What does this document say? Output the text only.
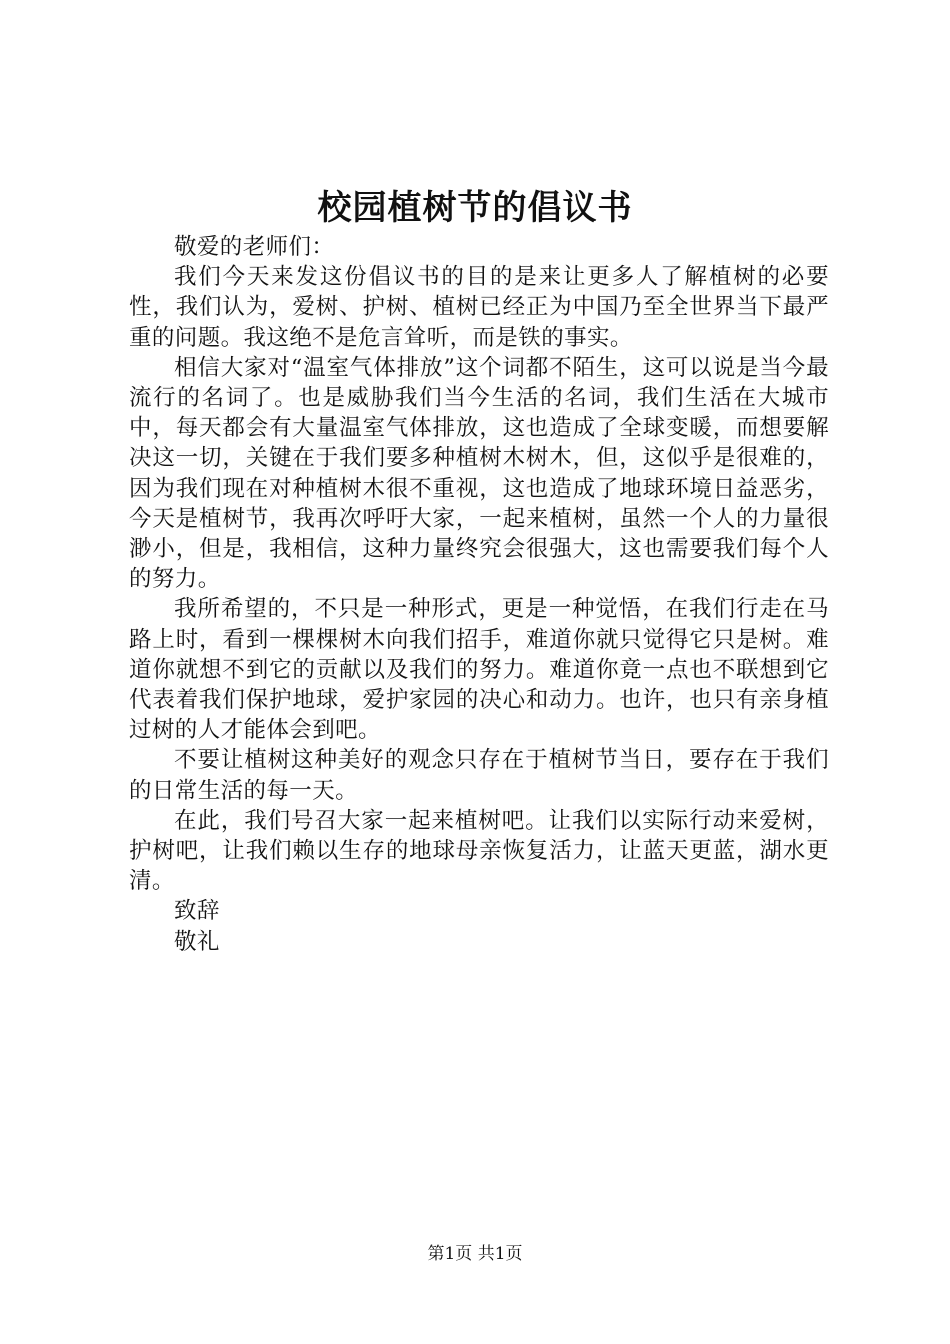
校园植树节的倡议书
敬爱的老师们：

我们今天来发这份倡议书的目的是来让更多人了解植树的必要性，我们认为，爱树、护树、植树已经正为中国乃至全世界当下最严重的问题。我这绝不是危言耸听，而是铁的事实。

相信大家对“温室气体排放”这个词都不陌生，这可以说是当今最流行的名词了。也是威胁我们当今生活的名词，我们生活在大城市中，每天都会有大量温室气体排放，这也造成了全球变暖，而想要解决这一切，关键在于我们要多种植树木树木，但，这似乎是很难的，因为我们现在对种植树木很不重视，这也造成了地球环境日益恶劣，今天是植树节，我再次呼吁大家，一起来植树，虽然一个人的力量很渺小，但是，我相信，这种力量终究会很强大，这也需要我们每个人的努力。

我所希望的，不只是一种形式，更是一种觉悟，在我们行走在马路上时，看到一棵棵树木向我们招手，难道你就只觉得它只是树。难道你就想不到它的贡献以及我们的努力。难道你竟一点也不联想到它代表着我们保护地球，爱护家园的决心和动力。也许，也只有亲身植过树的人才能体会到吧。

不要让植树这种美好的观念只存在于植树节当日，要存在于我们的日常生活的每一天。

在此，我们号召大家一起来植树吧。让我们以实际行动来爱树，护树吧，让我们赖以生存的地球母亲恢复活力，让蓝天更蓝，湖水更清。

致辞
敬礼
第1页 共1页
